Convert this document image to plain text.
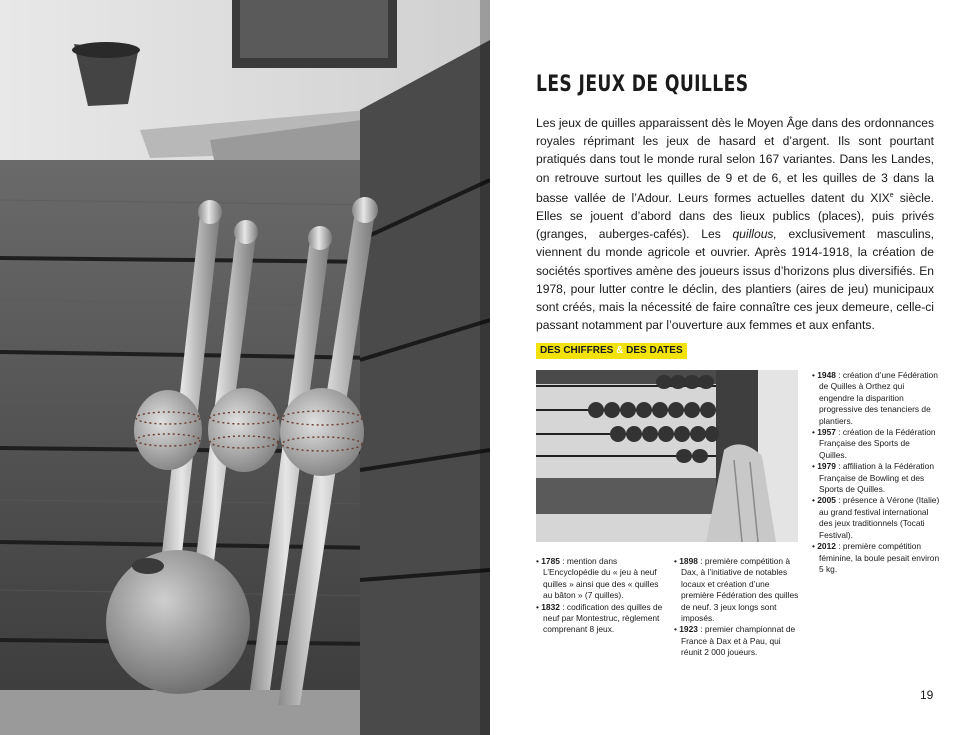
LES JEUX DE QUILLES

Les jeux de quilles apparaissent dès le Moyen Âge dans des ordonnances royales réprimant les jeux de hasard et d’argent. Ils sont pourtant pratiqués dans tout le monde rural selon 167 variantes. Dans les Landes, on retrouve surtout les quilles de 9 et de 6, et les quilles de 3 dans la basse vallée de l’Adour. Leurs formes actuelles datent du XIXe siècle. Elles se jouent d’abord dans des lieux publics (places), puis privés (granges, auberges-cafés). Les quillous, exclusivement masculins, viennent du monde agricole et ouvrier. Après 1914-1918, la création de sociétés sportives amène des joueurs issus d’horizons plus diversifiés. En 1978, pour lutter contre le déclin, des plantiers (aires de jeu) municipaux sont créés, mais la nécessité de faire connaître ces jeux demeure, celle-ci passant notamment par l’ouverture aux femmes et aux enfants.

DES CHIFFRES & DES DATES
• 1785 : mention dans L’Encyclopédie du « jeu à neuf quilles » ainsi que des « quilles au bâton » (7 quilles).
• 1832 : codification des quilles de neuf par Montestruc, règlement comprenant 8 jeux.
• 1898 : première compétition à Dax, à l’initiative de notables locaux et création d’une première Fédération des quilles de neuf. 3 jeux longs sont imposés.
• 1923 : premier championnat de France à Dax et à Pau, qui réunit 2 000 joueurs.
• 1948 : création d’une Fédération de Quilles à Orthez qui engendre la disparition progressive des tenanciers de plantiers.
• 1957 : création de la Fédération Française des Sports de Quilles.
• 1979 : affiliation à la Fédération Française de Bowling et des Sports de Quilles.
• 2005 : présence à Vérone (Italie) au grand festival international des jeux traditionnels (Tocati Festival).
• 2012 : première compétition féminine, la boule pesait environ 5 kg.
19
